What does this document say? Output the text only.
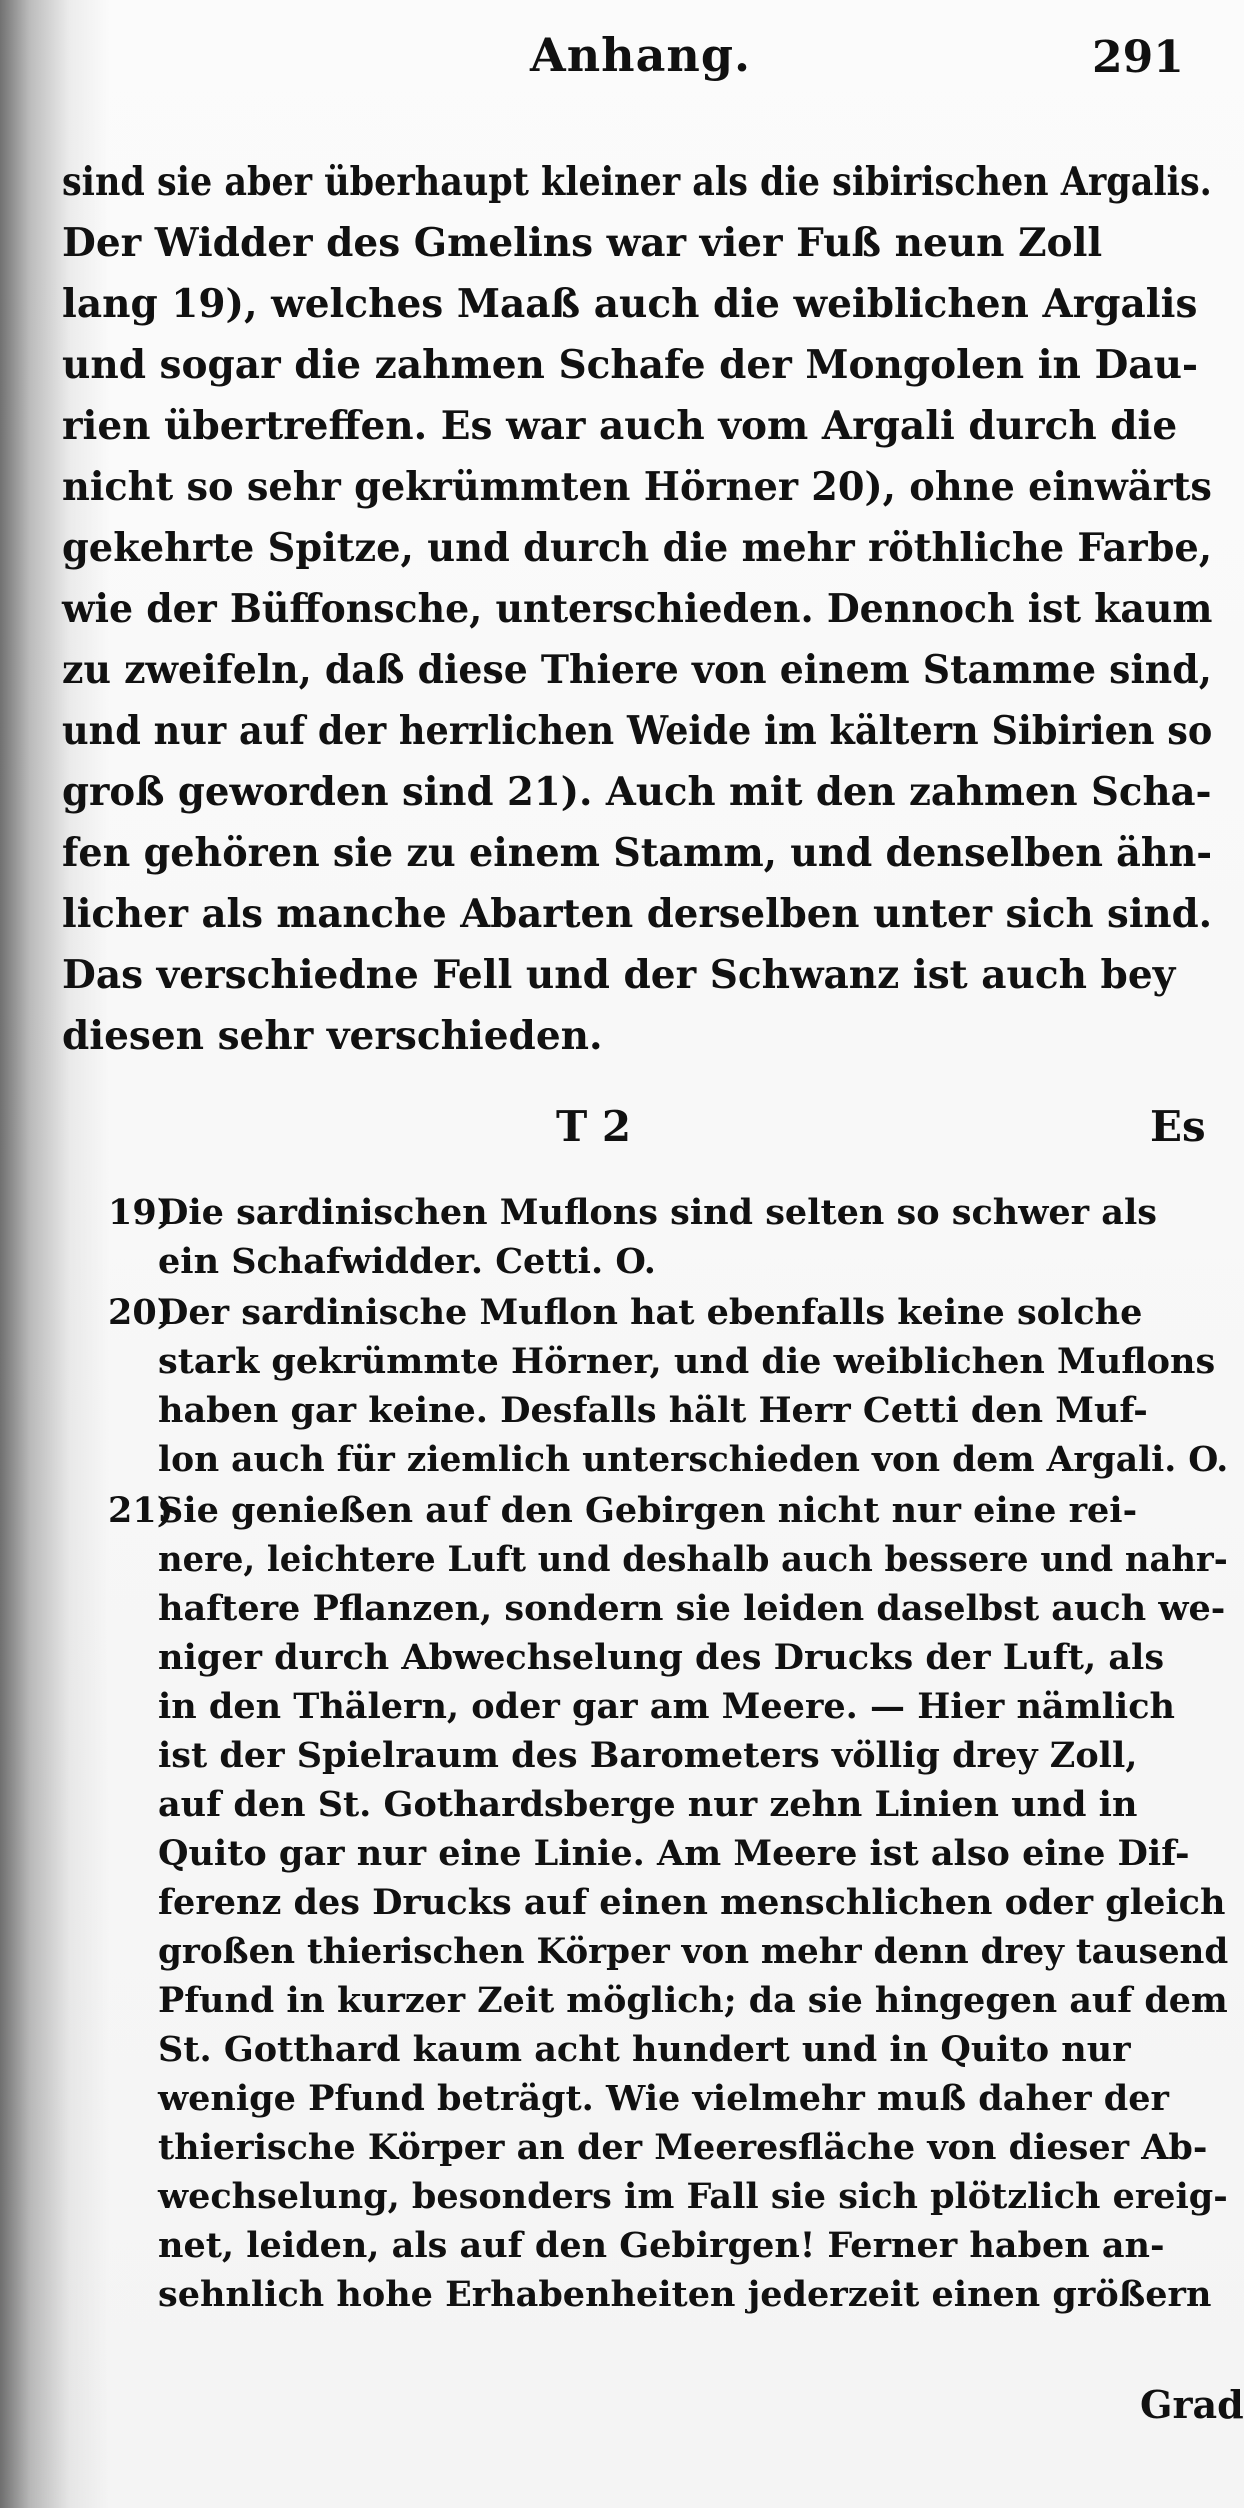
Anhang.	291
sind sie aber überhaupt kleiner als die sibirischen Argalis.
Der Widder des Gmelins war vier Fuß neun Zoll
lang 19), welches Maaß auch die weiblichen Argalis
und sogar die zahmen Schafe der Mongolen in Dau-
rien übertreffen. Es war auch vom Argali durch die
nicht so sehr gekrümmten Hörner 20), ohne einwärts
gekehrte Spitze, und durch die mehr röthliche Farbe,
wie der Büffonsche, unterschieden. Dennoch ist kaum
zu zweifeln, daß diese Thiere von einem Stamme sind,
und nur auf der herrlichen Weide im kältern Sibirien so
groß geworden sind 21). Auch mit den zahmen Scha-
fen gehören sie zu einem Stamm, und denselben ähn-
licher als manche Abarten derselben unter sich sind.
Das verschiedne Fell und der Schwanz ist auch bey
diesen sehr verschieden.
T 2	Es
19)Die sardinischen Muflons sind selten so schwer als
ein Schafwidder. Cetti. O.
20)Der sardinische Muflon hat ebenfalls keine solche
stark gekrümmte Hörner, und die weiblichen Muflons
haben gar keine. Desfalls hält Herr Cetti den Muf-
lon auch für ziemlich unterschieden von dem Argali. O.
21)Sie genießen auf den Gebirgen nicht nur eine rei-
nere, leichtere Luft und deshalb auch bessere und nahr-
haftere Pflanzen, sondern sie leiden daselbst auch we-
niger durch Abwechselung des Drucks der Luft, als
in den Thälern, oder gar am Meere. — Hier nämlich
ist der Spielraum des Barometers völlig drey Zoll,
auf den St. Gothardsberge nur zehn Linien und in
Quito gar nur eine Linie. Am Meere ist also eine Dif-
ferenz des Drucks auf einen menschlichen oder gleich
großen thierischen Körper von mehr denn drey tausend
Pfund in kurzer Zeit möglich; da sie hingegen auf dem
St. Gotthard kaum acht hundert und in Quito nur
wenige Pfund beträgt. Wie vielmehr muß daher der
thierische Körper an der Meeresfläche von dieser Ab-
wechselung, besonders im Fall sie sich plötzlich ereig-
net, leiden, als auf den Gebirgen! Ferner haben an-
sehnlich hohe Erhabenheiten jederzeit einen größern
Grad
